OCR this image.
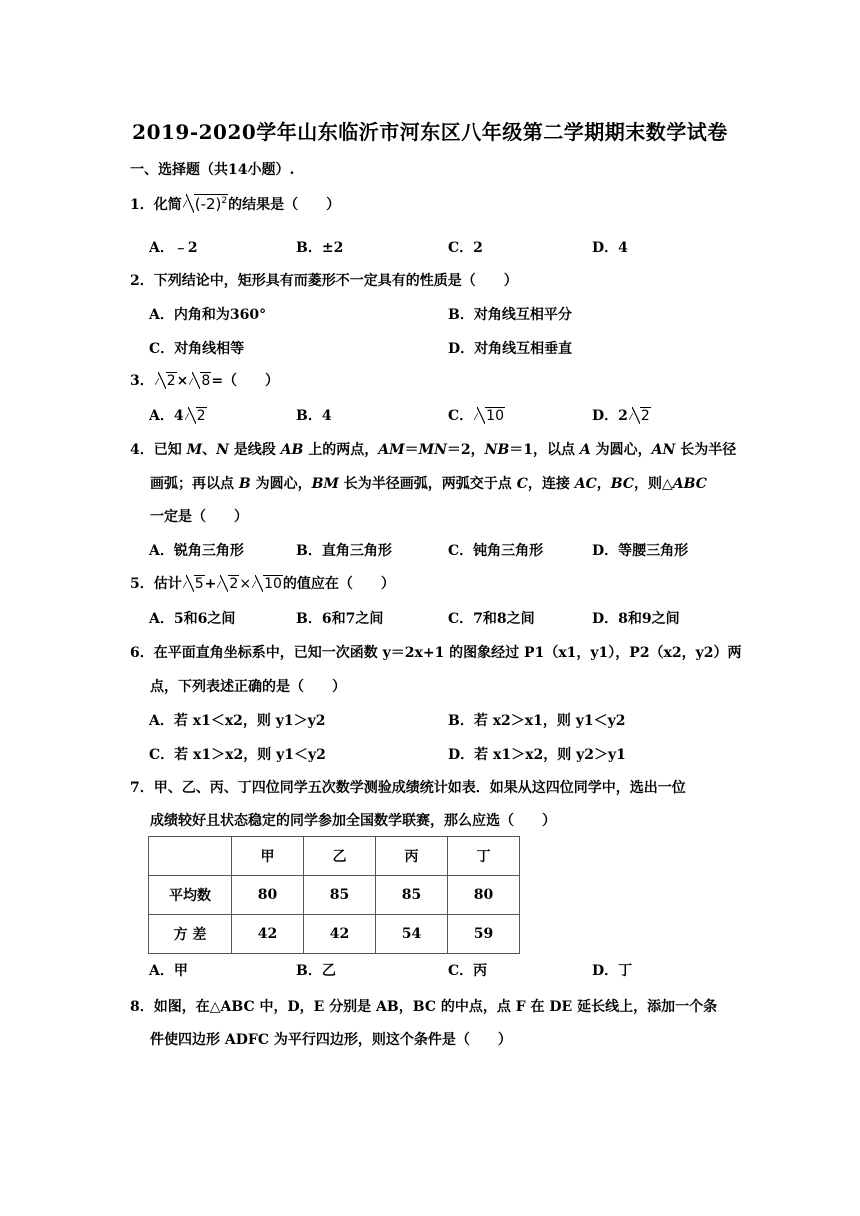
2019-2020学年山东临沂市河东区八年级第二学期期末数学试卷
一、选择题（共14小题）.
1．化简 $(-2)^2$的结果是（　　）
A．﹣2	B．±2	C．2	D．4
2．下列结论中，矩形具有而菱形不一定具有的性质是（　　）
A．内角和为360°	B．对角线互相平分
C．对角线相等	D．对角线互相垂直
3． 2× 8=（　　）
A．4 2	B．4	C． 10	D．2 2
4．已知 M、N 是线段 AB 上的两点，AM＝MN＝2，NB＝1，以点 A 为圆心，AN 长为半径
画弧；再以点 B 为圆心，BM 长为半径画弧，两弧交于点 C，连接 AC，BC，则△ABC
一定是（　　）
A．锐角三角形	B．直角三角形	C．钝角三角形	D．等腰三角形
5．估计 5+ 2× 10的值应在（　　）
A．5和6之间	B．6和7之间	C．7和8之间	D．8和9之间
6．在平面直角坐标系中，已知一次函数 y＝2x+1 的图象经过 P1（x1，y1），P2（x2，y2）两
点，下列表述正确的是（　　）
A．若 x1＜x2，则 y1＞y2	B．若 x2＞x1，则 y1＜y2
C．若 x1＞x2，则 y1＜y2	D．若 x1＞x2，则 y2＞y1
7．甲、乙、丙、丁四位同学五次数学测验成绩统计如表．如果从这四位同学中，选出一位
成绩较好且状态稳定的同学参加全国数学联赛，那么应选（　　）
	甲	乙	丙	丁
平均数	80	85	85	80
方 差	42	42	54	59
A．甲	B．乙	C．丙	D．丁
8．如图，在△ABC 中，D，E 分别是 AB，BC 的中点，点 F 在 DE 延长线上，添加一个条
件使四边形 ADFC 为平行四边形，则这个条件是（　　）
